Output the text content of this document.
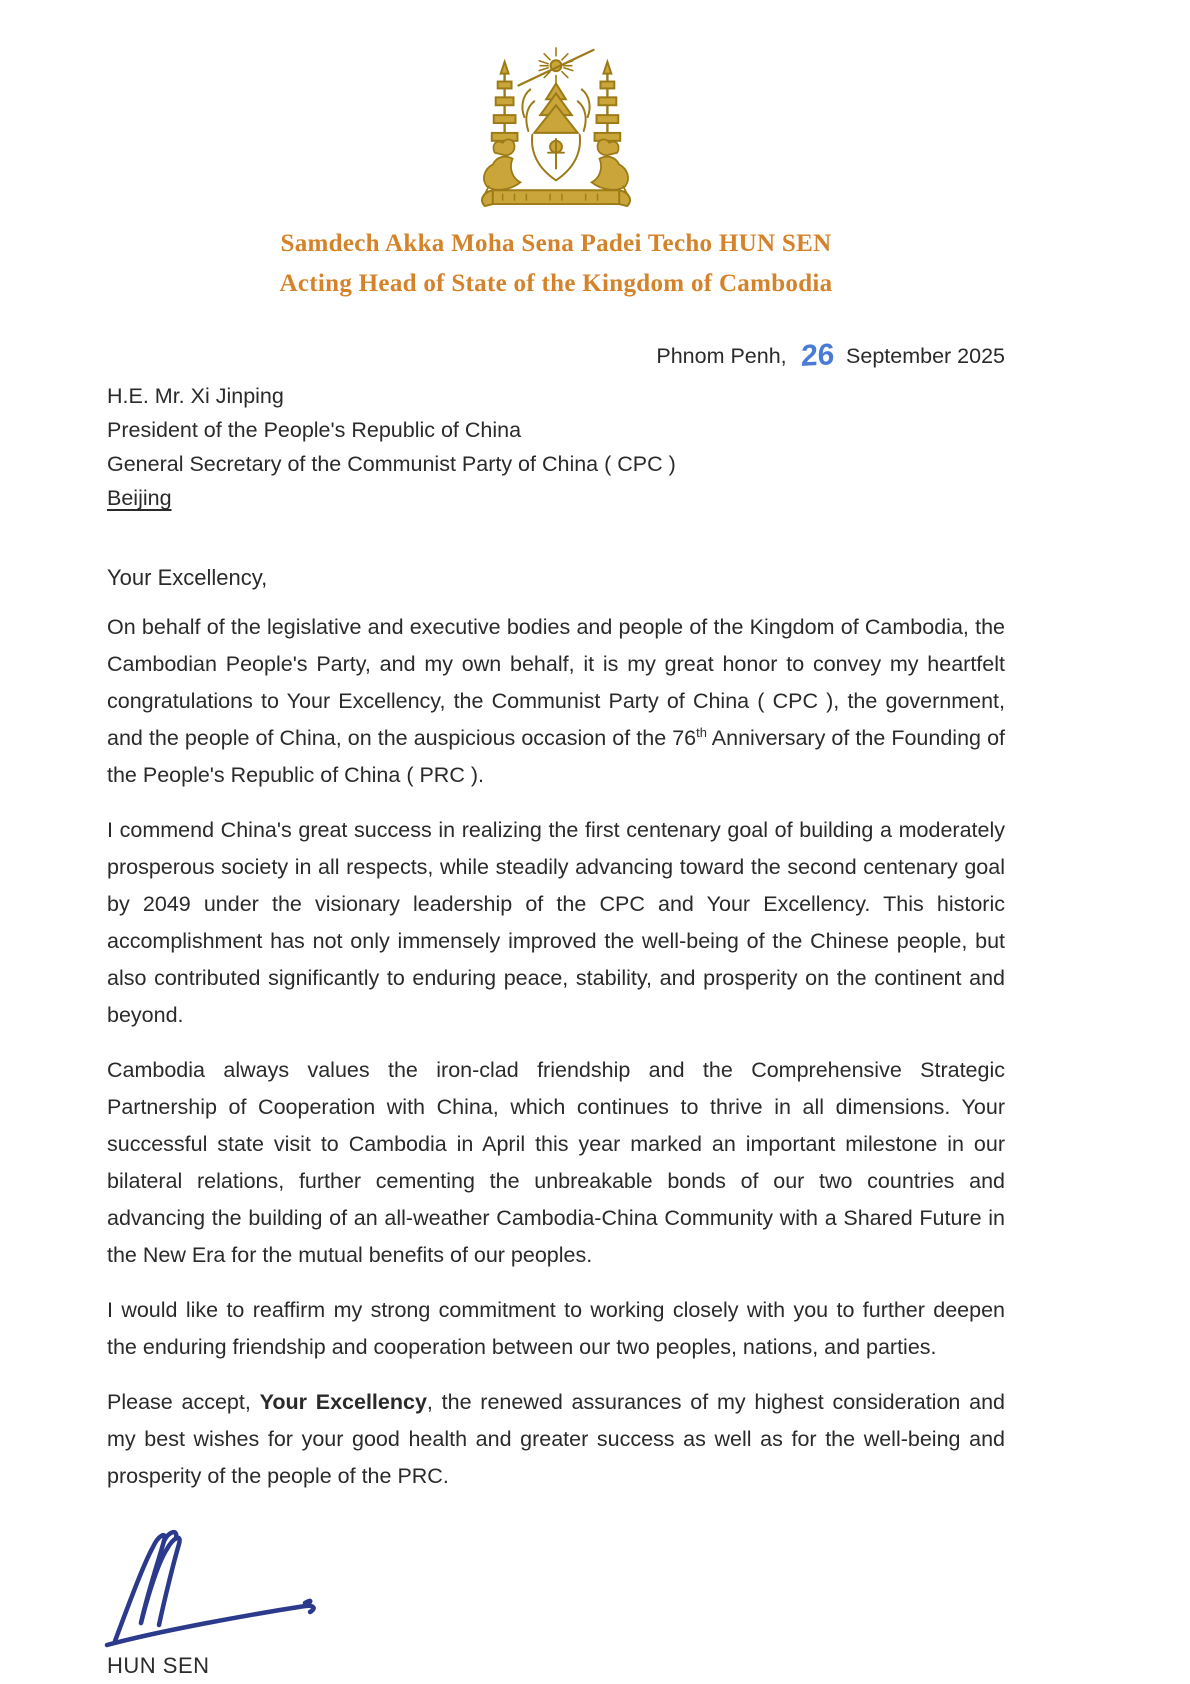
Samdech Akka Moha Sena Padei Techo HUN SEN
Acting Head of State of the Kingdom of Cambodia
Phnom Penh, 26 September 2025
H.E. Mr. Xi Jinping
President of the People's Republic of China
General Secretary of the Communist Party of China ( CPC )
Beijing
Your Excellency,

On behalf of the legislative and executive bodies and people of the Kingdom of Cambodia, the Cambodian People's Party, and my own behalf, it is my great honor to convey my heartfelt congratulations to Your Excellency, the Communist Party of China ( CPC ), the government, and the people of China, on the auspicious occasion of the 76th Anniversary of the Founding of the People's Republic of China ( PRC ).

I commend China's great success in realizing the first centenary goal of building a moderately prosperous society in all respects, while steadily advancing toward the second centenary goal by 2049 under the visionary leadership of the CPC and Your Excellency. This historic accomplishment has not only immensely improved the well-being of the Chinese people, but also contributed significantly to enduring peace, stability, and prosperity on the continent and beyond.

Cambodia always values the iron-clad friendship and the Comprehensive Strategic Partnership of Cooperation with China, which continues to thrive in all dimensions. Your successful state visit to Cambodia in April this year marked an important milestone in our bilateral relations, further cementing the unbreakable bonds of our two countries and advancing the building of an all-weather Cambodia-China Community with a Shared Future in the New Era for the mutual benefits of our peoples.

I would like to reaffirm my strong commitment to working closely with you to further deepen the enduring friendship and cooperation between our two peoples, nations, and parties.

Please accept, Your Excellency, the renewed assurances of my highest consideration and my best wishes for your good health and greater success as well as for the well-being and prosperity of the people of the PRC.

HUN SEN
